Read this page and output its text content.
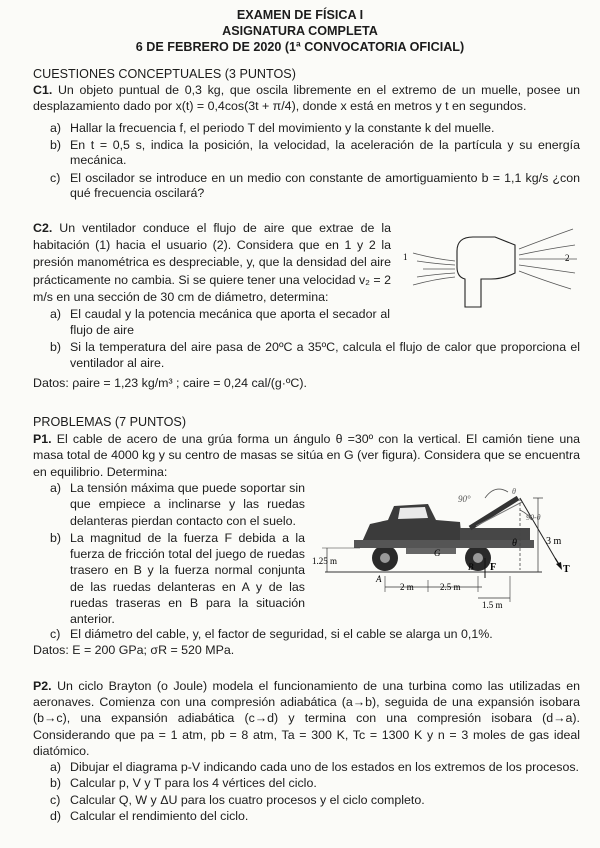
EXAMEN DE FÍSICA I
ASIGNATURA COMPLETA
6 DE FEBRERO DE 2020 (1ª CONVOCATORIA OFICIAL)
CUESTIONES CONCEPTUALES (3 PUNTOS)
C1. Un objeto puntual de 0,3 kg, que oscila libremente en el extremo de un muelle, posee un desplazamiento dado por x(t) = 0,4cos(3t + π/4), donde x está en metros y t en segundos.
a) Hallar la frecuencia f, el periodo T del movimiento y la constante k del muelle.
b) En t = 0,5 s, indica la posición, la velocidad, la aceleración de la partícula y su energía mecánica.
c) El oscilador se introduce en un medio con constante de amortiguamiento b = 1,1 kg/s ¿con qué frecuencia oscilará?
C2. Un ventilador conduce el flujo de aire que extrae de la habitación (1) hacia el usuario (2). Considera que en 1 y 2 la presión manométrica es despreciable, y, que la densidad del aire prácticamente no cambia. Si se quiere tener una velocidad v₂ = 2 m/s en una sección de 30 cm de diámetro, determina:
1	2
a) El caudal y la potencia mecánica que aporta el secador al flujo de aire
b) Si la temperatura del aire pasa de 20ºC a 35ºC, calcula el flujo de calor que proporciona el ventilador al aire.
Datos: ρaire = 1,23 kg/m³ ; caire = 0,24 cal/(g·ºC).
PROBLEMAS (7 PUNTOS)
P1. El cable de acero de una grúa forma un ángulo θ =30º con la vertical. El camión tiene una masa total de 4000 kg y su centro de masas se sitúa en G (ver figura). Considera que se encuentra en equilibrio. Determina:
a) La tensión máxima que puede soportar sin que empiece a inclinarse y las ruedas delanteras pierdan contacto con el suelo.
b) La magnitud de la fuerza F debida a la fuerza de fricción total del juego de ruedas trasero en B y la fuerza normal conjunta de las ruedas delanteras en A y de las ruedas traseras en B para la situación anterior.
c) El diámetro del cable, y, el factor de seguridad, si el cable se alarga un 0,1%.
Datos: E = 200 GPa; σR = 520 MPa.
90°
90-θ
θ
θ	3 m
T
F
1.25 m
2 m	2.5 m
1.5 m
A
B
G
P2. Un ciclo Brayton (o Joule) modela el funcionamiento de una turbina como las utilizadas en aeronaves. Comienza con una compresión adiabática (a→b), seguida de una expansión isobara (b→c), una expansión adiabática (c→d) y termina con una compresión isobara (d→a). Considerando que pa = 1 atm, pb = 8 atm, Ta = 300 K, Tc = 1300 K y n = 3 moles de gas ideal diatómico.
a) Dibujar el diagrama p-V indicando cada uno de los estados en los extremos de los procesos.
b) Calcular p, V y T para los 4 vértices del ciclo.
c) Calcular Q, W y ΔU para los cuatro procesos y el ciclo completo.
d) Calcular el rendimiento del ciclo.
